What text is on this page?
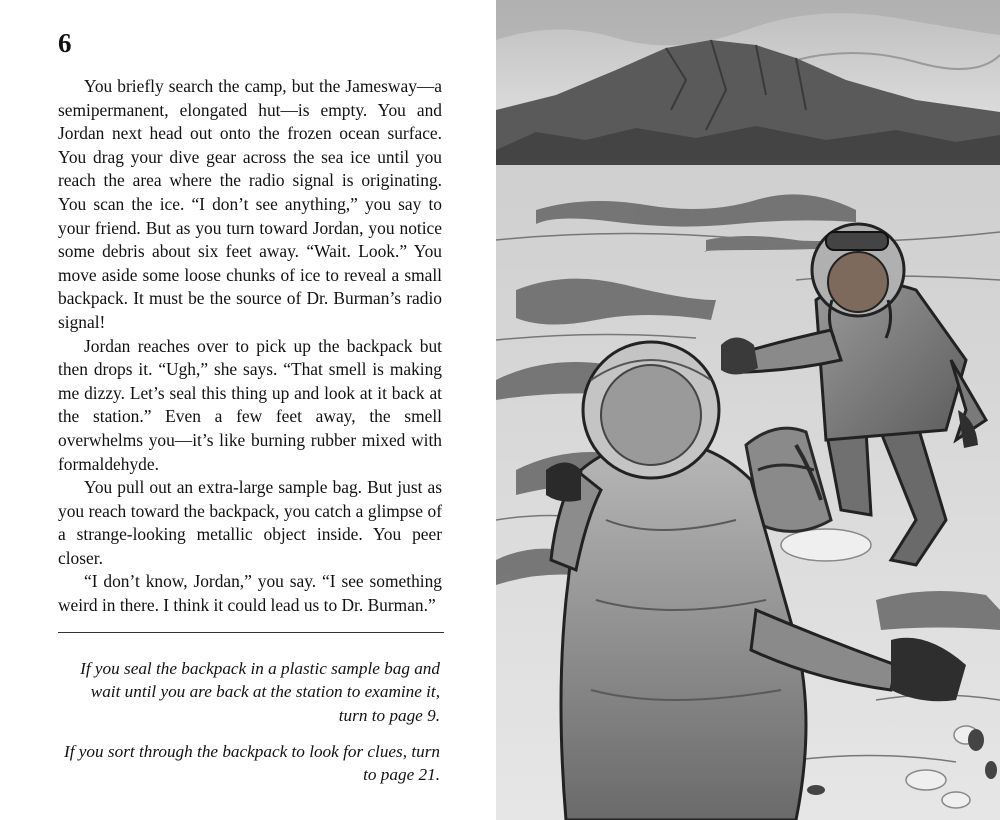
6

You briefly search the camp, but the Jamesway—a semipermanent, elongated hut—is empty. You and Jordan next head out onto the frozen ocean surface. You drag your dive gear across the sea ice until you reach the area where the radio signal is originating. You scan the ice. “I don’t see anything,” you say to your friend. But as you turn toward Jordan, you notice some debris about six feet away. “Wait. Look.” You move aside some loose chunks of ice to reveal a small backpack. It must be the source of Dr. Burman’s radio signal!

Jordan reaches over to pick up the backpack but then drops it. “Ugh,” she says. “That smell is making me dizzy. Let’s seal this thing up and look at it back at the station.” Even a few feet away, the smell overwhelms you—it’s like burning rubber mixed with formaldehyde.

You pull out an extra-large sample bag. But just as you reach toward the backpack, you catch a glimpse of a strange-looking metallic object inside. You peer closer.

“I don’t know, Jordan,” you say. “I see something weird in there. I think it could lead us to Dr. Burman.”

If you seal the backpack in a plastic sample bag and wait until you are back at the station to examine it, turn to page 9.
If you sort through the backpack to look for clues, turn to page 21.
